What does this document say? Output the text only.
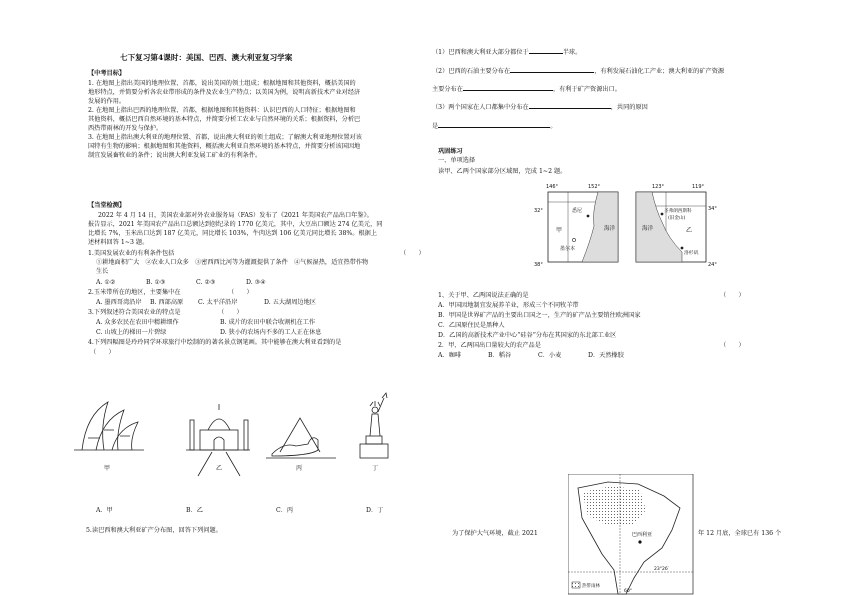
七下复习第4课时：美国、巴西、澳大利亚复习学案
【中考目标】
1. 在地图上指出美国的地理位置、首都，说出美国的领土组成；根据地图和其他资料，概括美国的
地形特点，并简要分析各农业带形成的条件及农业生产特点；以美国为例，说明高新技术产业对经济
发展的作用。
2. 在地图上指出巴西的地理位置、首都，根据地图和其他资料：认识巴西的人口特征；根据地图和
其他资料，概括巴西自然环境的基本特点，并简要分析工农业与自然环境的关系；根据资料，分析巴
西热带雨林的开发与保护。
3. 在地图上指出澳大利亚的地理位置、首都，说出澳大利亚的领土组成；了解澳大利亚地理位置对该
国特有生物的影响；根据地图和其他资料，概括澳大利亚自然环境的基本特点，并简要分析该国因地
制宜发展畜牧业的条件；说出澳大利亚发展工矿业的有利条件。
【当堂检测】
2022 年 4 月 14 日，美国农业部对外农业服务局（FAS）发布了《2021 年美国农产品出口年鉴》。
报告显示，2021 年美国农产品出口总额达到创纪录的 1770 亿美元，其中，大豆出口额达 274 亿美元，同
比增长 7%，玉米出口达到 187 亿美元，同比增长 103%，牛肉达到 106 亿美元同比增长 38%。根据上
述材料回答 1~3 题。
1.美国发展农业的有利条件包括	（　　）
①耕地面积广大　②农业人口众多　③密西西比河等为灌溉提供了条件　④气候湿热，适宜热带作物
生长
A. ①②	B. ①③	C. ②③	D. ③④
2.玉米带所在的地区，主要集中在	（　　）
A. 墨西哥湾沿岸 B. 西部高原 C. 太平洋沿岸	D. 五大湖周边地区
3.下列叙述符合美国农业的特点是	（　　）
A. 众多农民在农田中精耕细作	B. 成片的农田中联合收割机在工作
C. 山坡上的梯田一片碧绿	D. 狭小的农场内不多的工人正在休息
4.下列四幅图是玲玲同学环球旅行中绘制的的著名景点钢笔画。其中能够在澳大利亚看到的是
（　　）
甲	乙	丙	丁
A．甲	B．乙	C．丙	D．丁
5.读巴西和澳大利亚矿产分布图，回答下列问题。
（1）巴西和澳大利亚大部分都位于	半球。
（2）巴西的石油主要分布在	，有利发展石油化工产业；澳大利亚的矿产资源
主要分布在	，有利于矿产资源出口。
（3）两个国家在人口都集中分布在	，共同的原因
是	。
巩固练习
一、单项选择
读甲、乙两个国家部分区域图，完成 1~2 题。
146°	152°
32°
38°
悉尼
墨尔本
甲	海洋
123°	119°
34°
24°
圣弗朗西斯科
(旧金山)
洛杉矶
乙
海洋
1、关于甲、乙两国说法正确的是	（　　）
A．甲国因地制宜发展养羊业，形成三个不同牧羊带
B．甲国是世界矿产品的主要出口国之一，生产的矿产品主要销往欧洲国家
C．乙国原住民是黑种人
D．乙国的高新技术产业中心“硅谷”分布在其国家的东北部工业区
2．甲、乙两国出口量较大的农产品是	（　　）
A．咖啡	B．稻谷	C．小麦	D．天然橡胶
巴西利亚
23°26′
60°
热带雨林
为了保护大气环境，截止 2021	年 12 月底，全球已有 136 个
